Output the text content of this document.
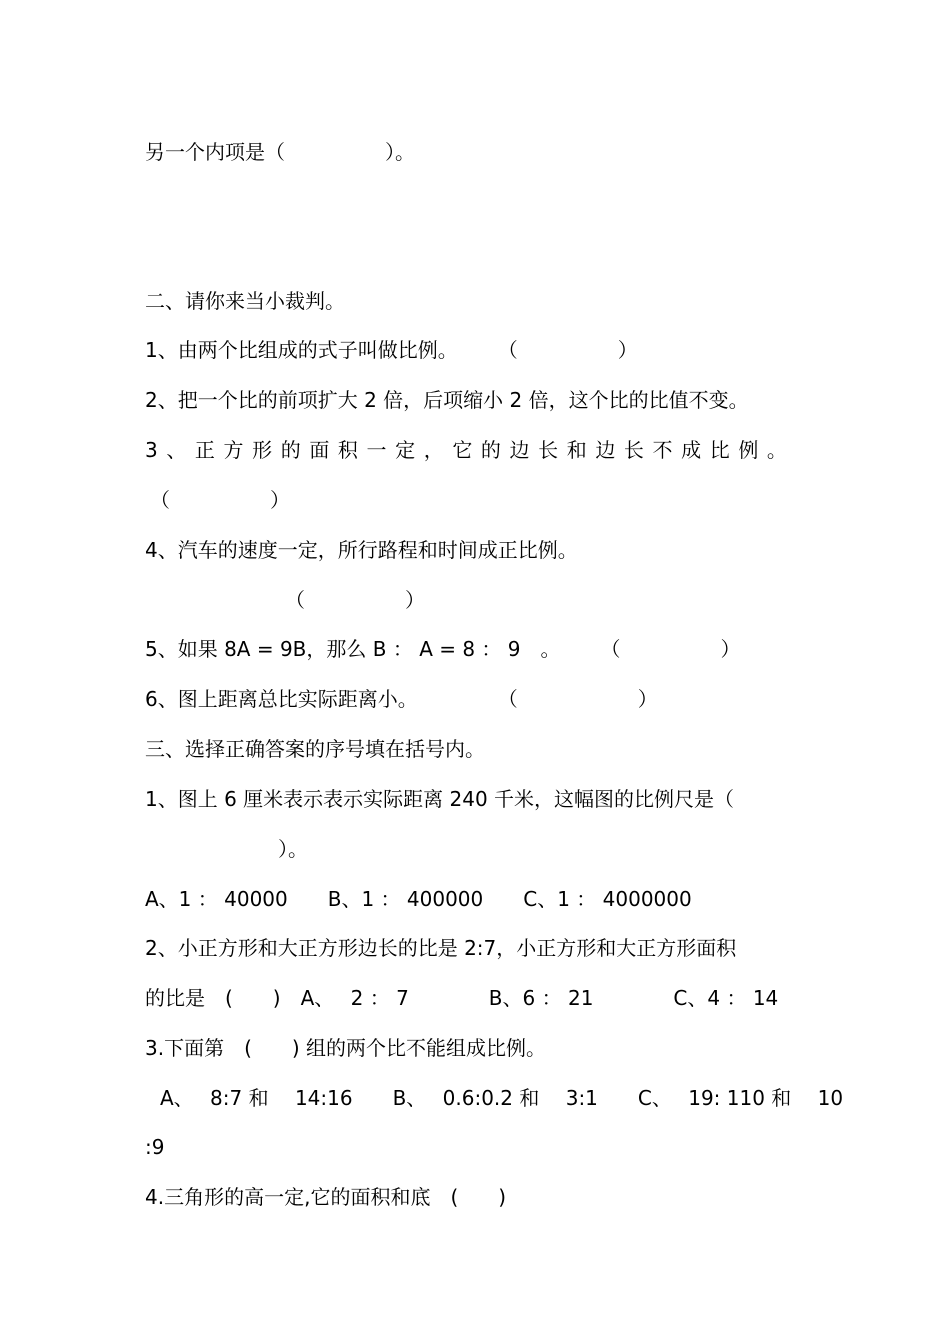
另一个内项是（　　　　　）。
二、请你来当小裁判。
1、由两个比组成的式子叫做比例。　　　（　　　　　）
2、把一个比的前项扩大 2 倍，后项缩小 2 倍，这个比的比值不变。
3、正方形的面积一定，它的边长和边长不成比例。
（　　　　　）
4、汽车的速度一定，所行路程和时间成正比例。
（　　　　　）
5、如果 8A = 9B，那么 B ： A = 8 ： 9　。　　　（　　　　　）
6、图上距离总比实际距离小。　　　　　（　　　　　　）
三、选择正确答案的序号填在括号内。
1、图上 6 厘米表示表示实际距离 240 千米，这幅图的比例尺是（
）。
A、1 ： 40000　　B、1 ： 400000　　C、1 ： 4000000
2、小正方形和大正方形边长的比是 2:7，小正方形和大正方形面积
的比是　(　　)　A、　 2 ： 7　　　　B、6 ： 21　　　　C、4 ： 14
3.下面第　(　　) 组的两个比不能组成比例。
A、　 8:7 和　 14:16　　B、　 0.6:0.2 和　 3:1　　C、　 19: 110 和　 10
:9
4.三角形的高一定,它的面积和底　(　　)
